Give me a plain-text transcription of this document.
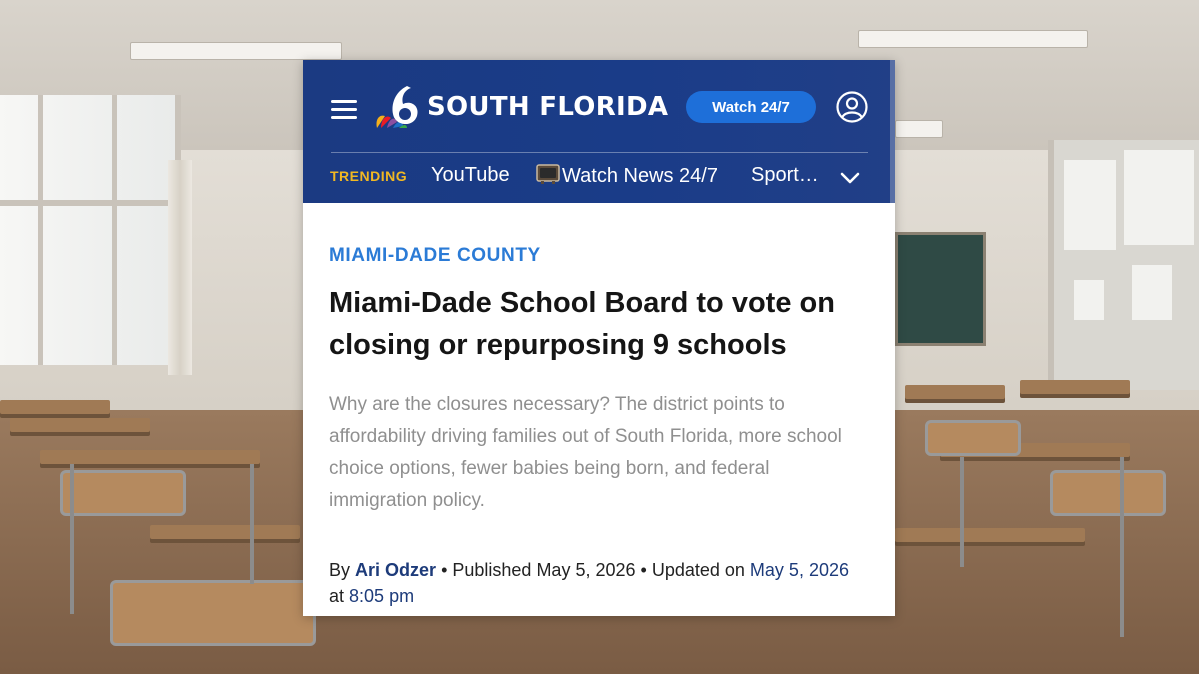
SOUTH FLORIDA	Watch 24/7
TRENDING YouTube	Watch News 24/7 Sport…
MIAMI-DADE COUNTY
Miami-Dade School Board to vote on closing or repurposing 9 schools

Why are the closures necessary? The district points to affordability driving families out of South Florida, more school choice options, fewer babies being born, and federal immigration policy.

By Ari Odzer • Published May 5, 2026 • Updated on May 5, 2026
at 8:05 pm
